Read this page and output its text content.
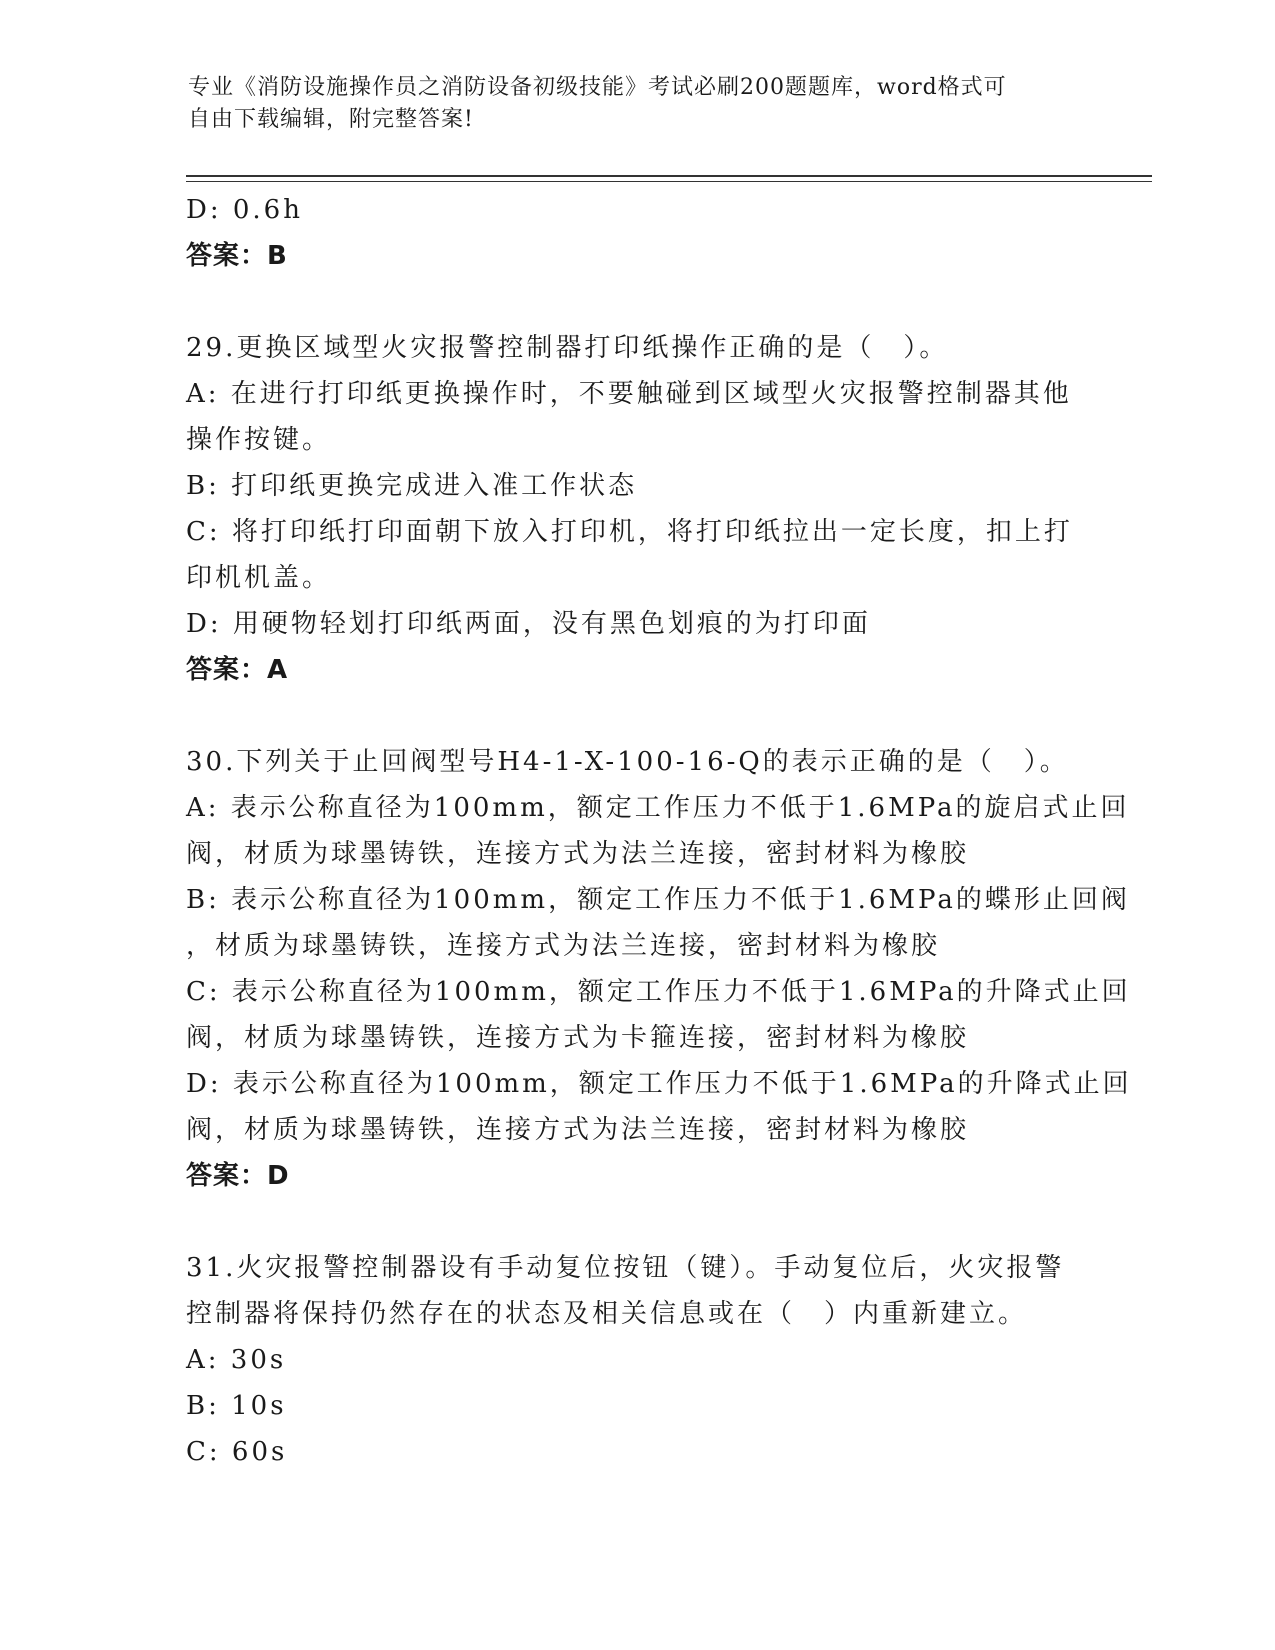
专业《消防设施操作员之消防设备初级技能》考试必刷200题题库，word格式可
自由下载编辑，附完整答案!
D: 0.6h
答案：B
29.更换区域型火灾报警控制器打印纸操作正确的是（　）。
A: 在进行打印纸更换操作时，不要触碰到区域型火灾报警控制器其他
操作按键。
B: 打印纸更换完成进入准工作状态
C: 将打印纸打印面朝下放入打印机，将打印纸拉出一定长度，扣上打
印机机盖。
D: 用硬物轻划打印纸两面，没有黑色划痕的为打印面
答案：A
30.下列关于止回阀型号H4-1-X-100-16-Q的表示正确的是（　）。
A: 表示公称直径为100mm，额定工作压力不低于1.6MPa的旋启式止回
阀，材质为球墨铸铁，连接方式为法兰连接，密封材料为橡胶
B: 表示公称直径为100mm，额定工作压力不低于1.6MPa的蝶形止回阀
，材质为球墨铸铁，连接方式为法兰连接，密封材料为橡胶
C: 表示公称直径为100mm，额定工作压力不低于1.6MPa的升降式止回
阀，材质为球墨铸铁，连接方式为卡箍连接，密封材料为橡胶
D: 表示公称直径为100mm，额定工作压力不低于1.6MPa的升降式止回
阀，材质为球墨铸铁，连接方式为法兰连接，密封材料为橡胶
答案：D
31.火灾报警控制器设有手动复位按钮（键）。手动复位后，火灾报警
控制器将保持仍然存在的状态及相关信息或在（　）内重新建立。
A: 30s
B: 10s
C: 60s
